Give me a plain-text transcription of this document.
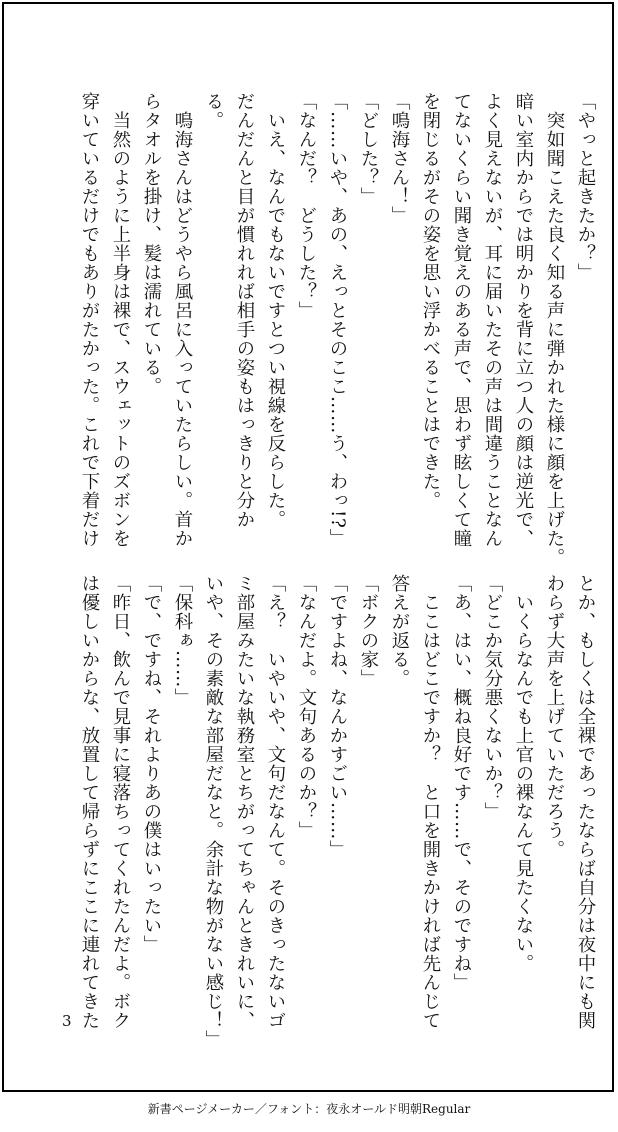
「やっと起きたか？」
　突如聞こえた良く知る声に弾かれた様に顔を上げた。
暗い室内からでは明かりを背に立つ人の顔は逆光で、
よく見えないが、耳に届いたその声は間違うことなん
てないくらい聞き覚えのある声で、思わず眩しくて瞳
を閉じるがその姿を思い浮かべることはできた。
「鳴海さん！」
「どした？」
「……いや、あの、えっとそのここ……う、わっ!?」
「なんだ？　どうした？」
　いえ、なんでもないですとつい視線を反らした。
だんだんと目が慣れれば相手の姿もはっきりと分か
る。
　鳴海さんはどうやら風呂に入っていたらしい。首か
らタオルを掛け、髪は濡れている。
　当然のように上半身は裸で、スウェットのズボンを
穿いているだけでもありがたかった。これで下着だけ
とか、もしくは全裸であったならば自分は夜中にも関
わらず大声を上げていただろう。
　いくらなんでも上官の裸なんて見たくない。
「どこか気分悪くないか？」
「あ、はい、概ね良好です……で、そのですね」
　ここはどこですか？　と口を開きかければ先んじて
答えが返る。
「ボクの家」
「ですよね、なんかすごい……」
「なんだよ。文句あるのか？」
「え？　いやいや、文句だなんて。そのきったないゴ
ミ部屋みたいな執務室とちがってちゃんときれいに、
いや、その素敵な部屋だなと。余計な物がない感じ！」
「保科ぁ……」
「で、ですね、それよりあの僕はいったい」
「昨日、飲んで見事に寝落ちってくれたんだよ。ボク
は優しいからな、放置して帰らずにここに連れてきた
3
新書ページメーカー／フォント：夜永オールド明朝Regular
